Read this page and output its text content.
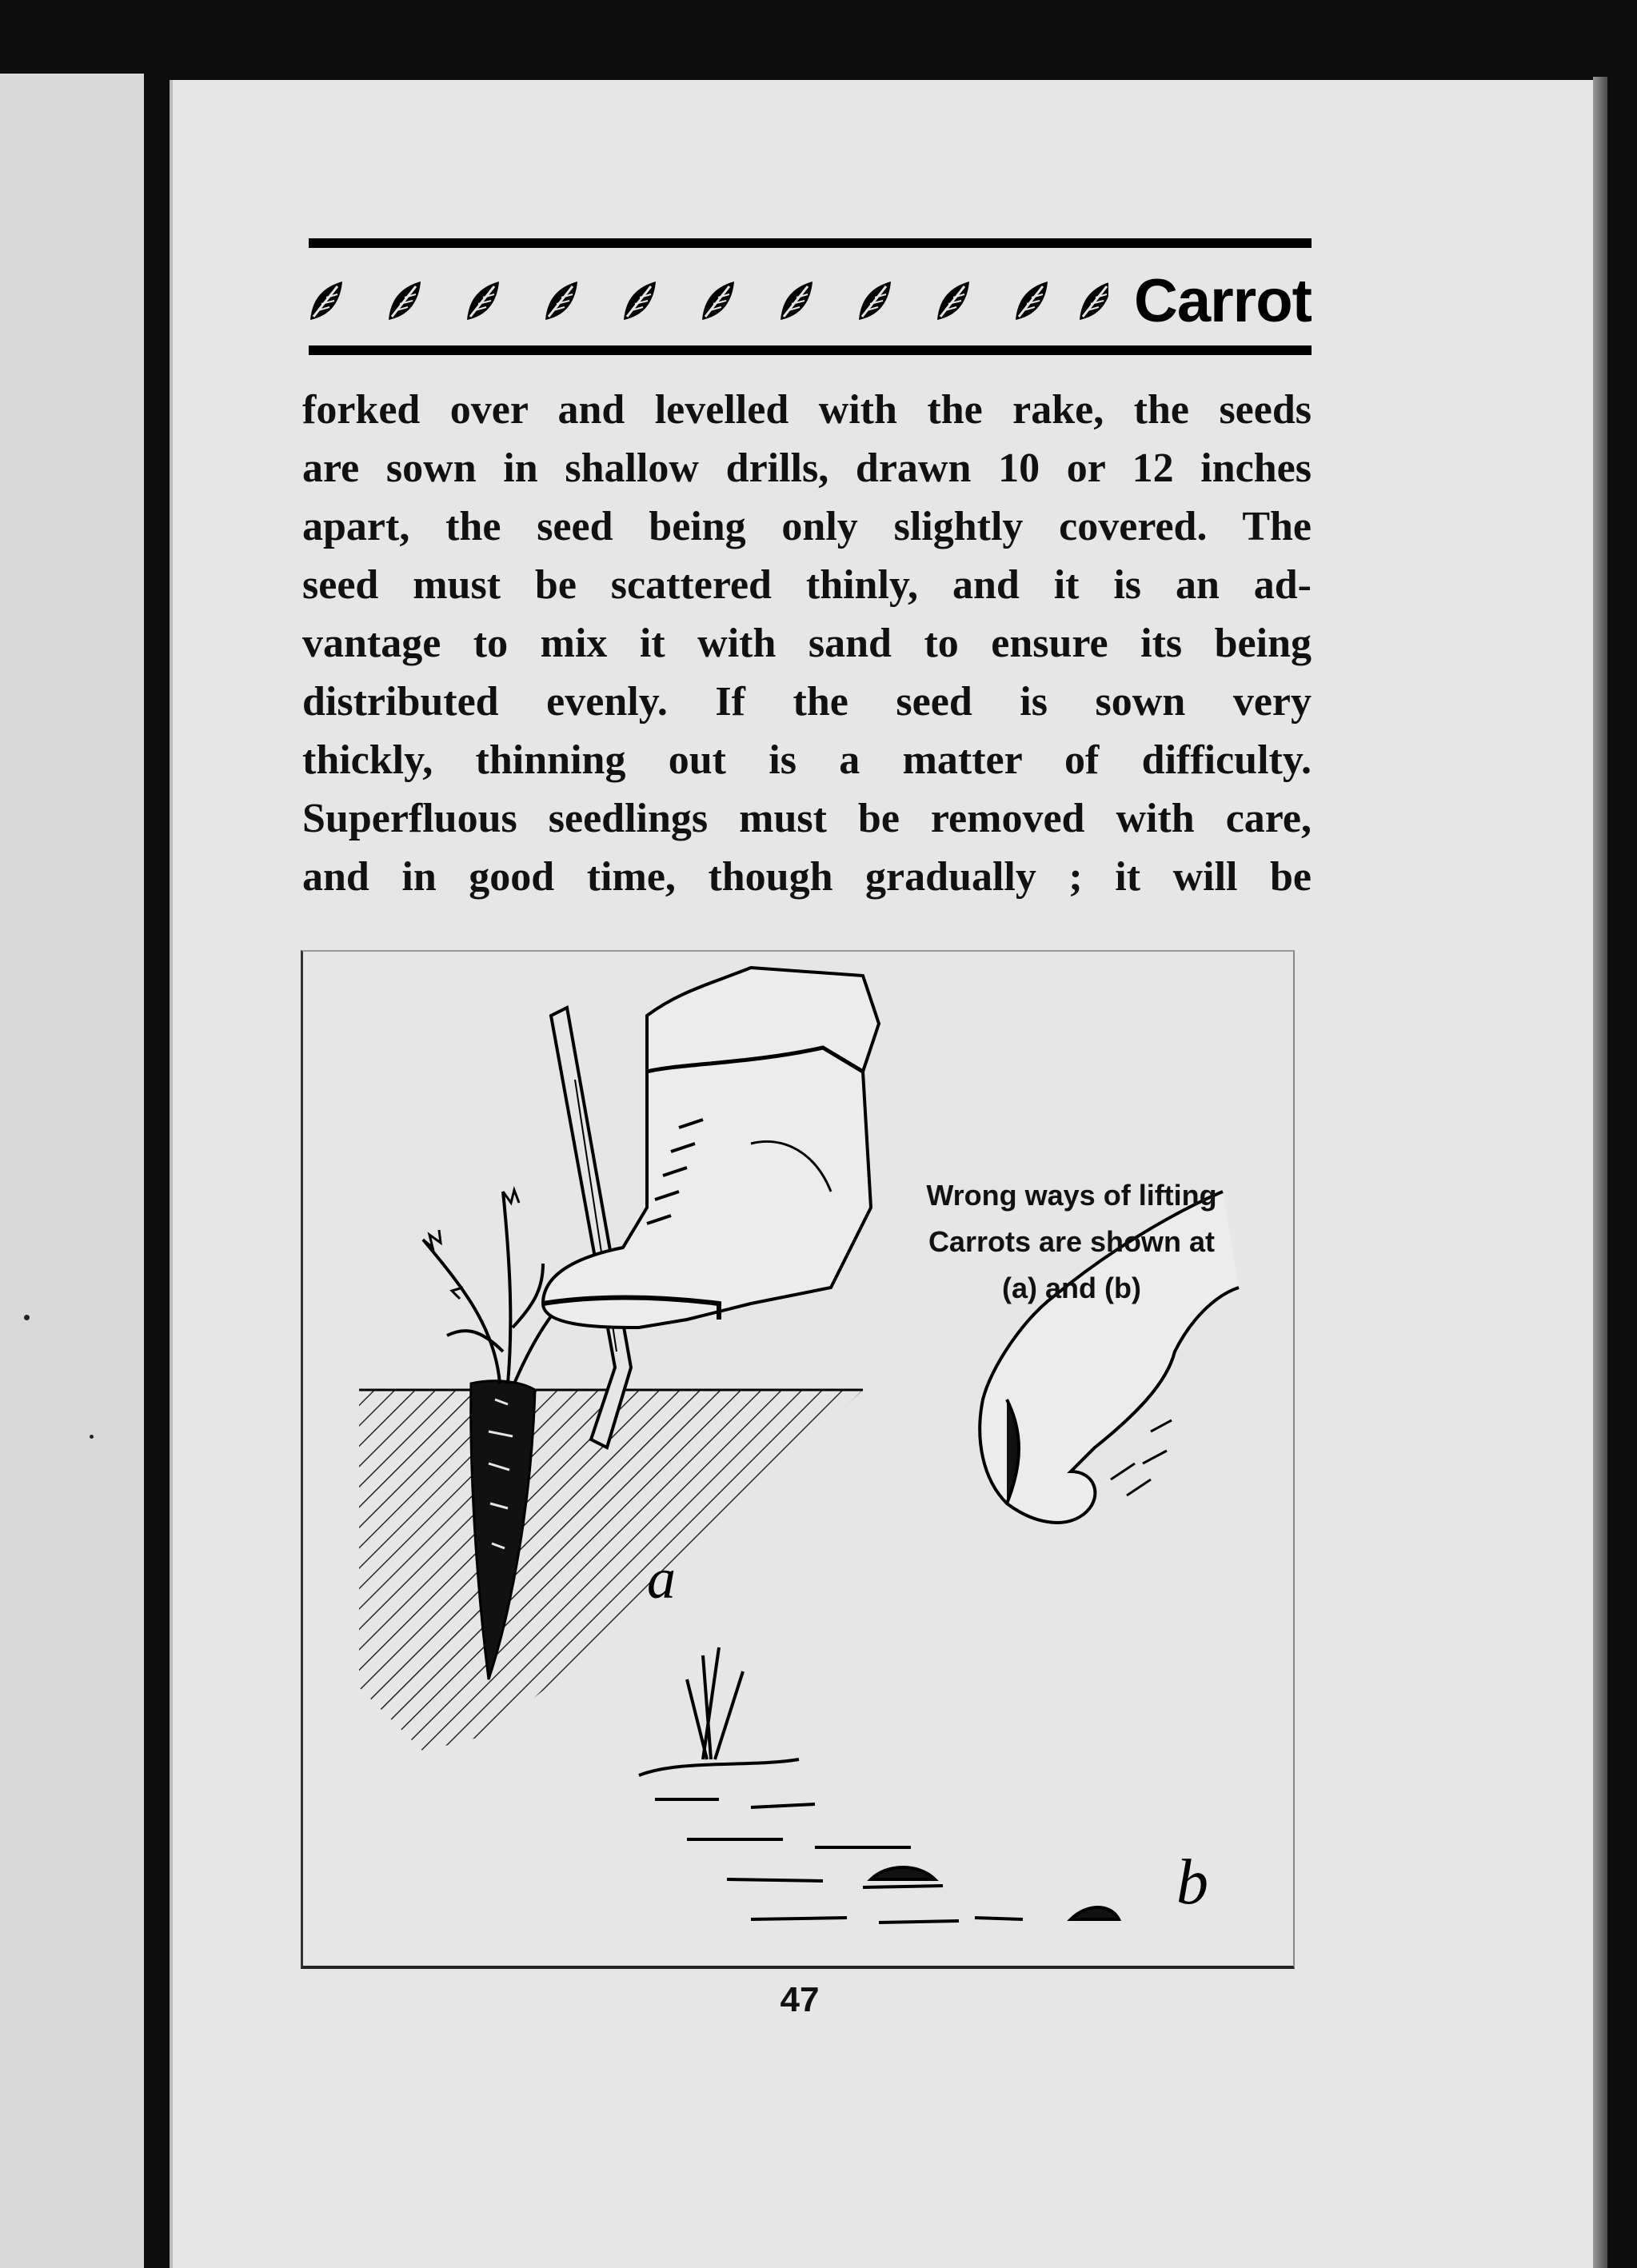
Carrot

forked over and levelled with the rake, the seeds
are sown in shallow drills, drawn 10 or 12 inches
apart, the seed being only slightly covered. The
seed must be scattered thinly, and it is an ad-
vantage to mix it with sand to ensure its being
distributed evenly. If the seed is sown very
thickly, thinning out is a matter of difficulty.
Superfluous seedlings must be removed with care,
and in good time, though gradually ; it will be

a
b
Wrong ways of lifting
Carrots are shown at
(a) and (b)
47
